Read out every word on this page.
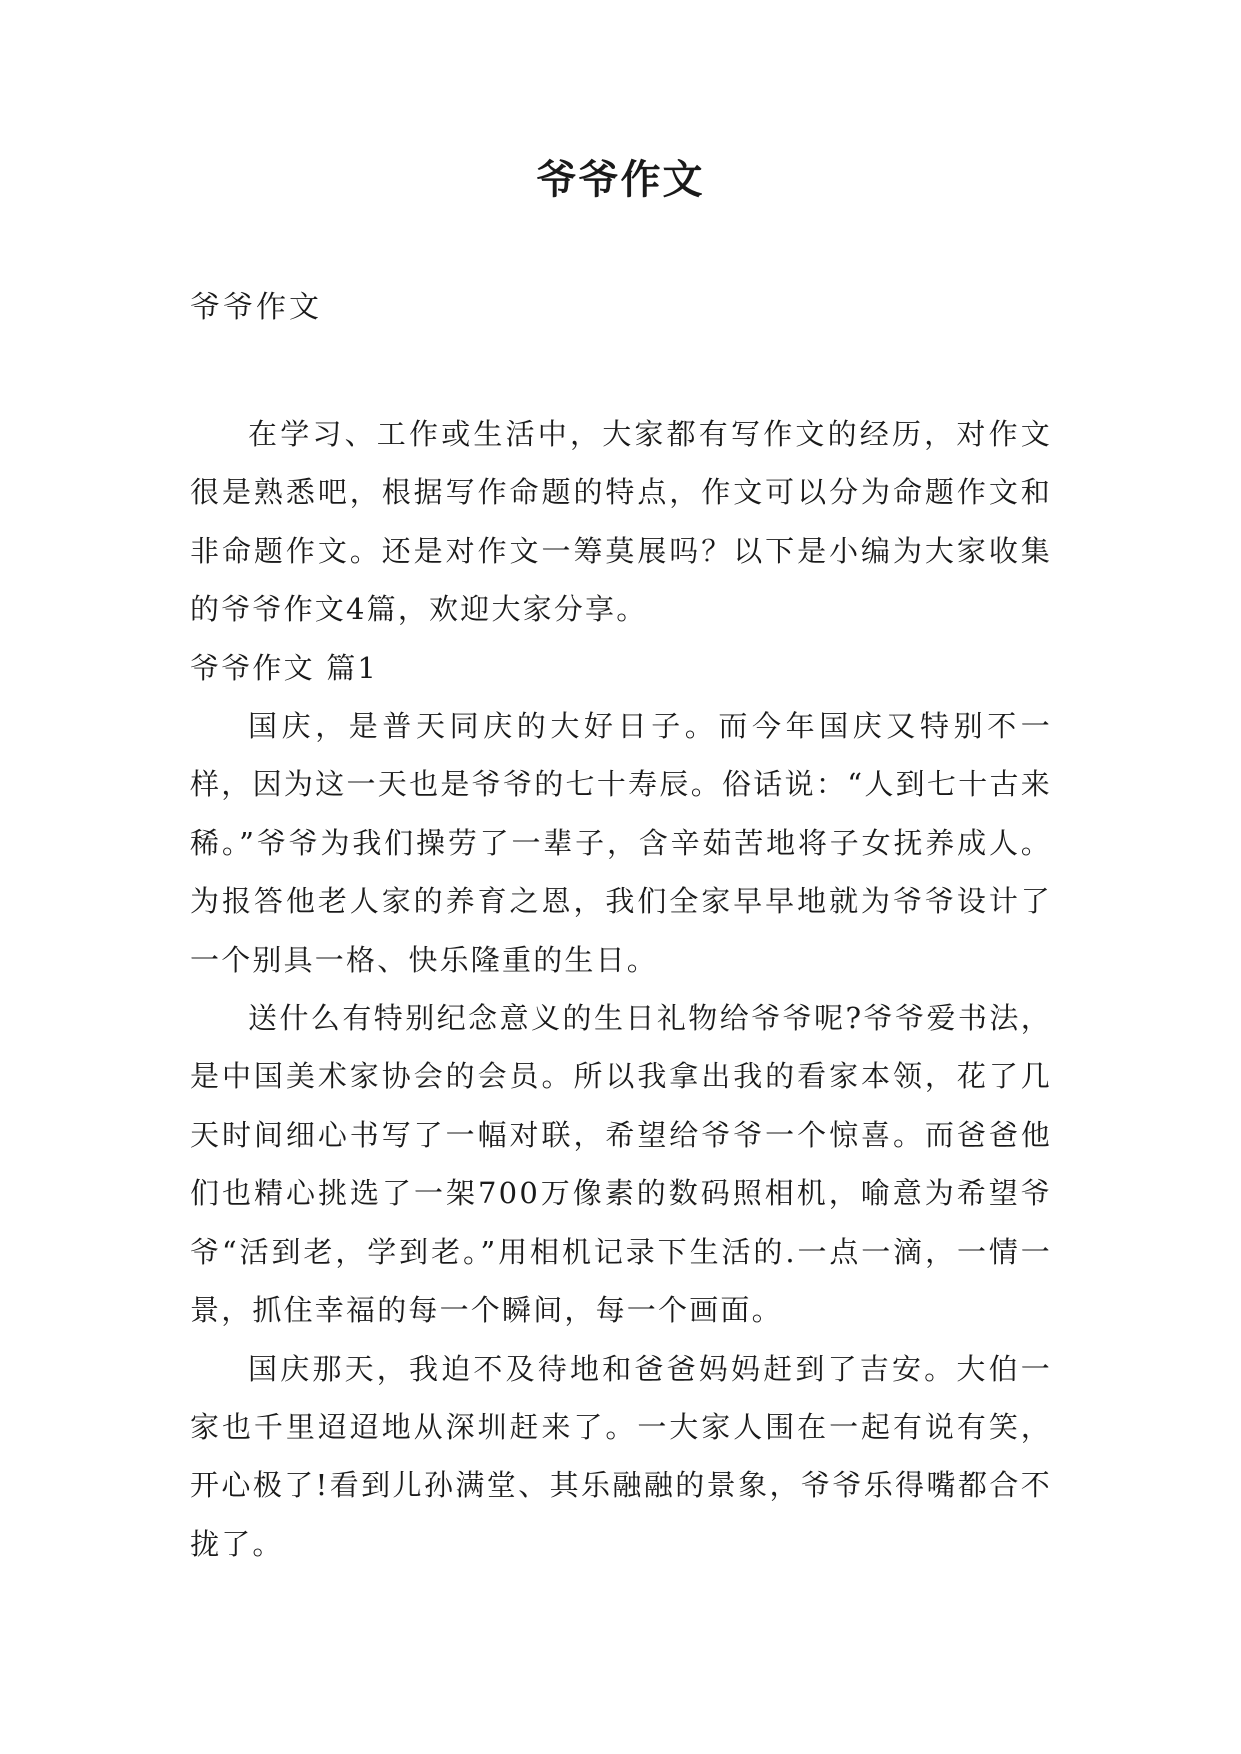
爷爷作文
爷爷作文

在学习、工作或生活中，大家都有写作文的经历，对作文很是熟悉吧，根据写作命题的特点，作文可以分为命题作文和非命题作文。还是对作文一筹莫展吗？以下是小编为大家收集的爷爷作文4篇，欢迎大家分享。

爷爷作文 篇1

国庆，是普天同庆的大好日子。而今年国庆又特别不一样，因为这一天也是爷爷的七十寿辰。俗话说：“人到七十古来稀。”爷爷为我们操劳了一辈子，含辛茹苦地将子女抚养成人。为报答他老人家的养育之恩，我们全家早早地就为爷爷设计了一个别具一格、快乐隆重的生日。

送什么有特别纪念意义的生日礼物给爷爷呢?爷爷爱书法，是中国美术家协会的会员。所以我拿出我的看家本领，花了几天时间细心书写了一幅对联，希望给爷爷一个惊喜。而爸爸他们也精心挑选了一架700万像素的数码照相机，喻意为希望爷爷“活到老，学到老。”用相机记录下生活的.一点一滴，一情一景，抓住幸福的每一个瞬间，每一个画面。

国庆那天，我迫不及待地和爸爸妈妈赶到了吉安。大伯一家也千里迢迢地从深圳赶来了。一大家人围在一起有说有笑，开心极了!看到儿孙满堂、其乐融融的景象，爷爷乐得嘴都合不拢了。
